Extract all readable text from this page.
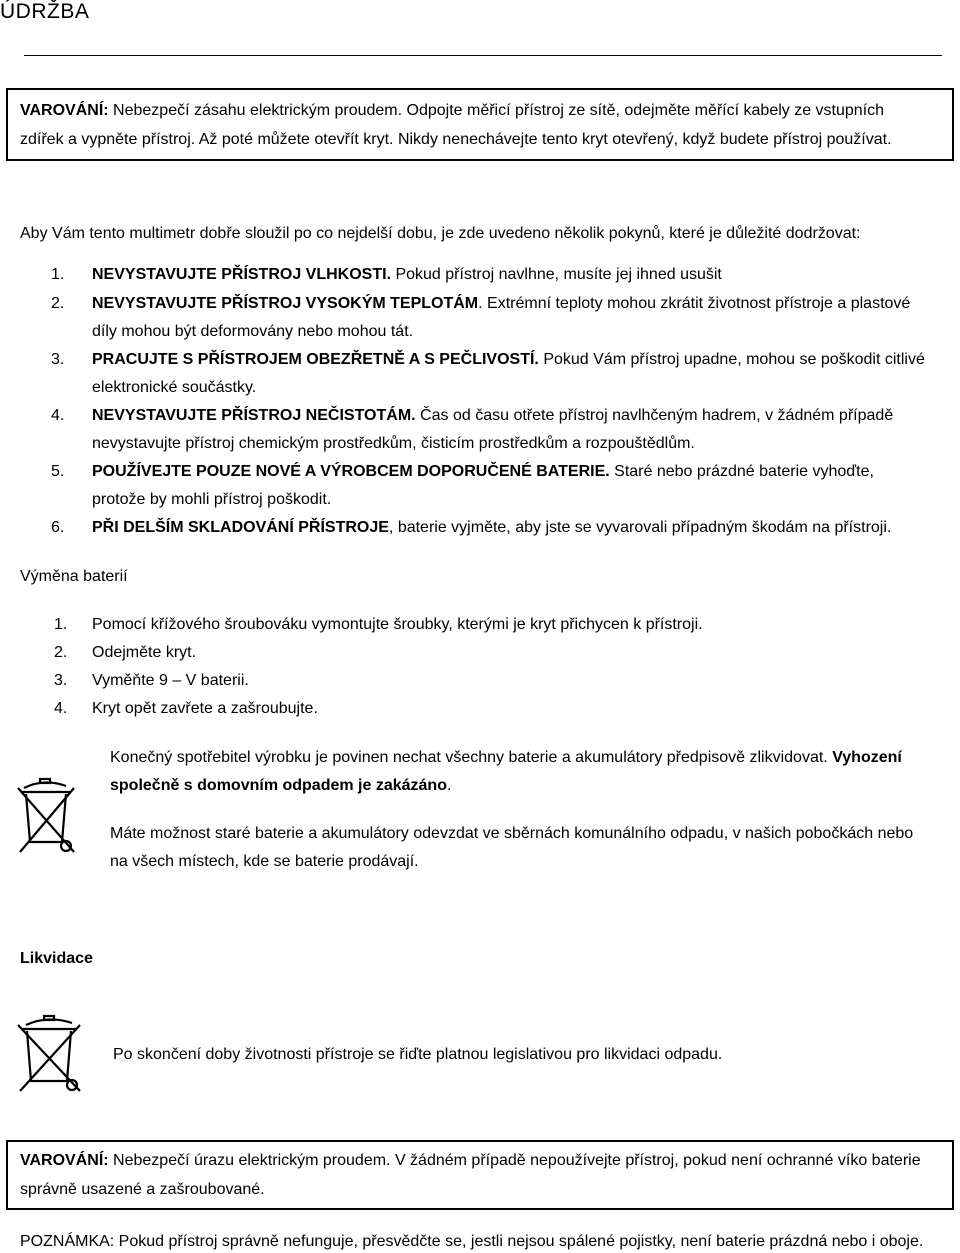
ÚDRŽBA

VAROVÁNÍ: Nebezpečí zásahu elektrickým proudem. Odpojte měřicí přístroj ze sítě, odejměte měřící kabely ze vstupních
zdířek a vypněte přístroj. Až poté můžete otevřít kryt. Nikdy nenechávejte tento kryt otevřený, když budete přístroj používat.

Aby Vám tento multimetr dobře sloužil po co nejdelší dobu, je zde uvedeno několik pokynů, které je důležité dodržovat:
1. NEVYSTAVUJTE PŘÍSTROJ VLHKOSTI. Pokud přístroj navlhne, musíte jej ihned usušit
2. NEVYSTAVUJTE PŘÍSTROJ VYSOKÝM TEPLOTÁM. Extrémní teploty mohou zkrátit životnost přístroje a plastové
díly mohou být deformovány nebo mohou tát.
3. PRACUJTE S PŘÍSTROJEM OBEZŘETNĚ A S PEČLIVOSTÍ. Pokud Vám přístroj upadne, mohou se poškodit citlivé
elektronické součástky.
4. NEVYSTAVUJTE PŘÍSTROJ NEČISTOTÁM. Čas od času otřete přístroj navlhčeným hadrem, v žádném případě
nevystavujte přístroj chemickým prostředkům, čisticím prostředkům a rozpouštědlům.
5. POUŽÍVEJTE POUZE NOVÉ A VÝROBCEM DOPORUČENÉ BATERIE. Staré nebo prázdné baterie vyhoďte,
protože by mohli přístroj poškodit.
6. PŘI DELŠÍM SKLADOVÁNÍ PŘÍSTROJE, baterie vyjměte, aby jste se vyvarovali případným škodám na přístroji.
Výměna baterií
1. Pomocí křížového šroubováku vymontujte šroubky, kterými je kryt přichycen k přístroji.
2. Odejměte kryt.
3. Vyměňte 9 – V baterii.
4. Kryt opět zavřete a zašroubujte.
Konečný spotřebitel výrobku je povinen nechat všechny baterie a akumulátory předpisově zlikvidovat. Vyhození
společně s domovním odpadem je zakázáno.
Máte možnost staré baterie a akumulátory odevzdat ve sběrnách komunálního odpadu, v našich pobočkách nebo
na všech místech, kde se baterie prodávají.
Likvidace
Po skončení doby životnosti přístroje se řiďte platnou legislativou pro likvidaci odpadu.

VAROVÁNÍ: Nebezpečí úrazu elektrickým proudem. V žádném případě nepoužívejte přístroj, pokud není ochranné víko baterie
správně usazené a zašroubované.

POZNÁMKA: Pokud přístroj správně nefunguje, přesvědčte se, jestli nejsou spálené pojistky, není baterie prázdná nebo i oboje.
